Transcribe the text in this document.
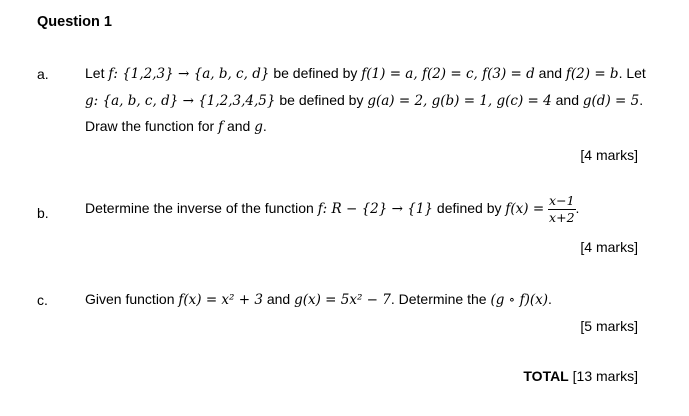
Question 1
a.	Let f: {1,2,3} → {a, b, c, d} be defined by f(1) = a, f(2) = c, f(3) = d and f(2) = b. Let
g: {a, b, c, d} → {1,2,3,4,5} be defined by g(a) = 2, g(b) = 1, g(c) = 4 and g(d) = 5.
Draw the function for f and g.
[4 marks]
b.	Determine the inverse of the function f: R − {2} → {1} defined by $f(x) = \frac{x-1}{x+2}$ .
[4 marks]
c.	Given function f(x) = x² + 3 and g(x) = 5x² − 7. Determine the (g ∘ f)(x).
[5 marks]
TOTAL [13 marks]
